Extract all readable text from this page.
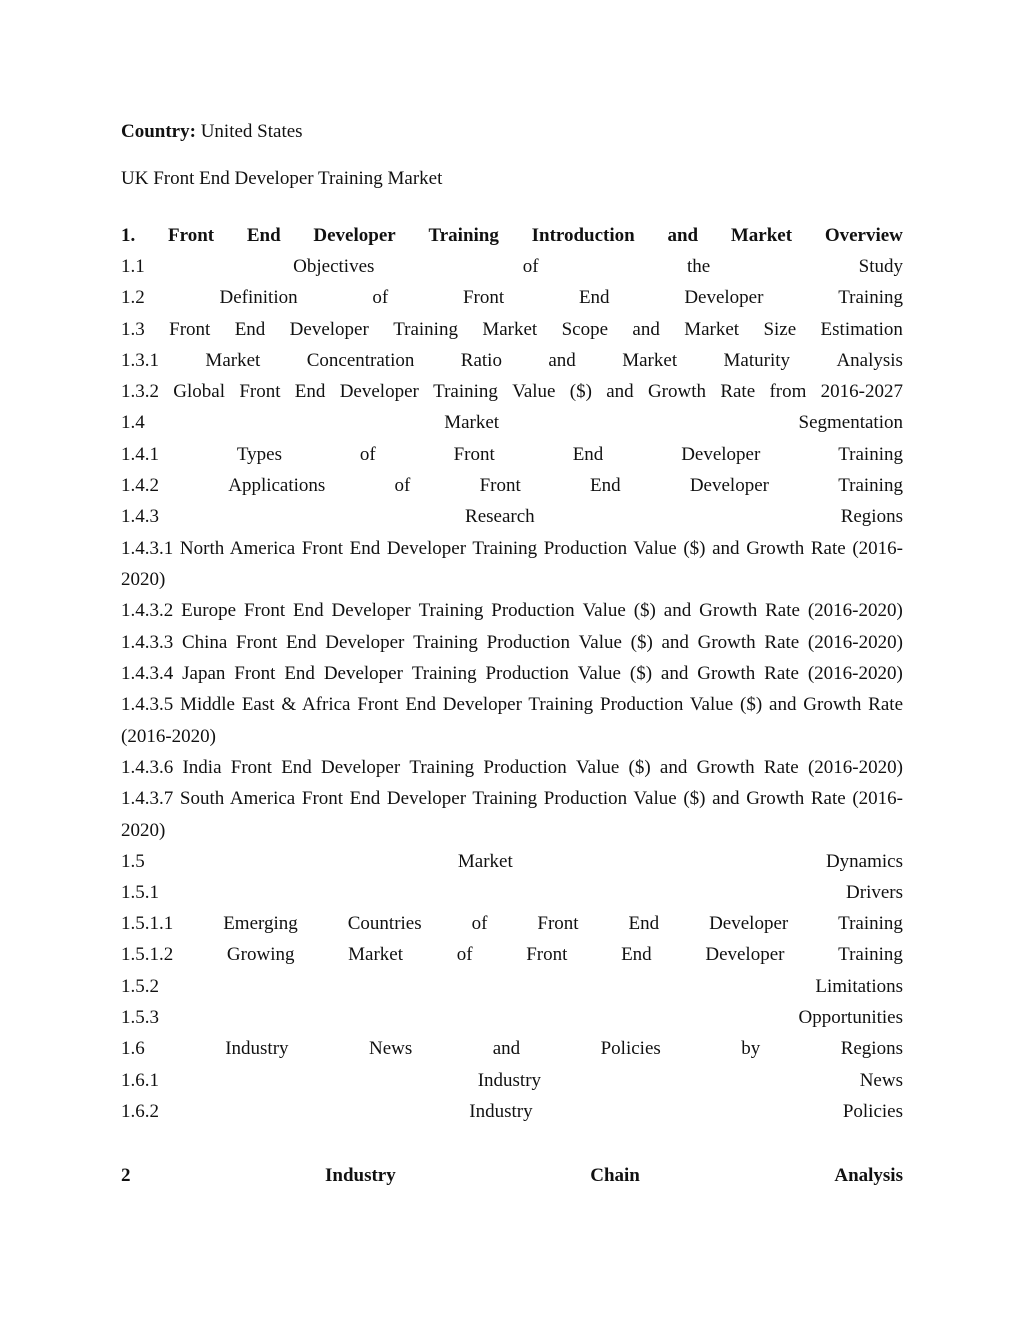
Country: United States
UK Front End Developer Training Market
1. Front End Developer Training Introduction and Market Overview
1.1	Objectives	of	the	Study
1.2	Definition	of	Front	End	Developer	Training
1.3 Front End Developer Training Market Scope and Market Size Estimation
1.3.1 Market Concentration Ratio and Market Maturity Analysis
1.3.2 Global Front End Developer Training Value ($) and Growth Rate from 2016-2027
1.4	Market	Segmentation
1.4.1	Types	of	Front	End	Developer	Training
1.4.2	Applications	of	Front	End	Developer	Training
1.4.3	Research	Regions
1.4.3.1 North America Front End Developer Training Production Value ($) and Growth Rate (2016-2020)
1.4.3.2 Europe Front End Developer Training Production Value ($) and Growth Rate (2016-2020)
1.4.3.3 China Front End Developer Training Production Value ($) and Growth Rate (2016-2020)
1.4.3.4 Japan Front End Developer Training Production Value ($) and Growth Rate (2016-2020)
1.4.3.5 Middle East & Africa Front End Developer Training Production Value ($) and Growth Rate (2016-2020)
1.4.3.6 India Front End Developer Training Production Value ($) and Growth Rate (2016-2020)
1.4.3.7 South America Front End Developer Training Production Value ($) and Growth Rate (2016-2020)
1.5	Market	Dynamics
1.5.1	Drivers
1.5.1.1	Emerging	Countries	of	Front	End	Developer	Training
1.5.1.2	Growing	Market	of	Front	End	Developer	Training
1.5.2	Limitations
1.5.3	Opportunities
1.6	Industry	News	and	Policies	by	Regions
1.6.1	Industry	News
1.6.2	Industry	Policies
2	Industry	Chain	Analysis
